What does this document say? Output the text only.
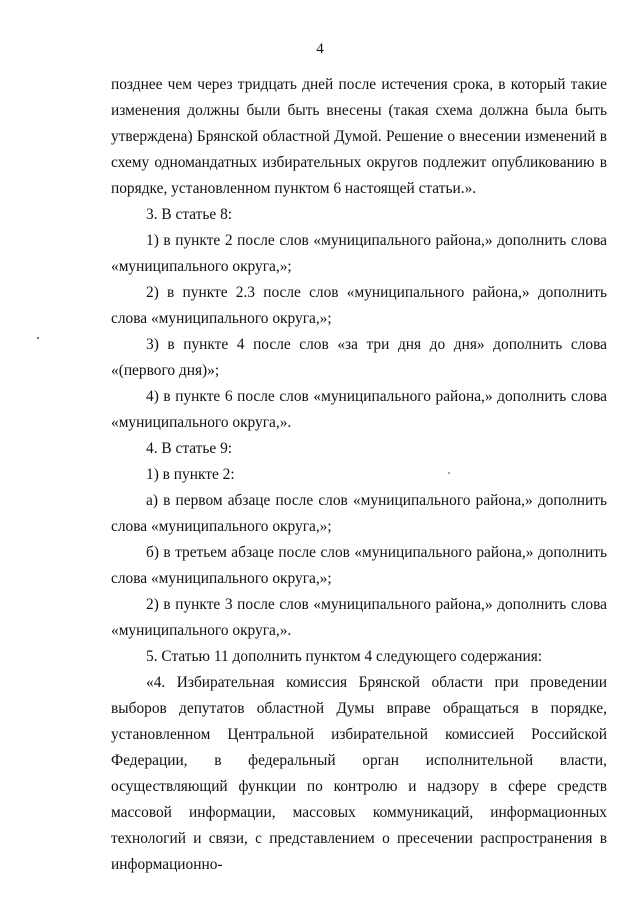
4

позднее чем через тридцать дней после истечения срока, в который такие изменения должны были быть внесены (такая схема должна была быть утверждена) Брянской областной Думой. Решение о внесении изменений в схему одномандатных избирательных округов подлежит опубликованию в порядке, установленном пунктом 6 настоящей статьи.».

3. В статье 8:

1) в пункте 2 после слов «муниципального района,» дополнить слова «муниципального округа,»;

2) в пункте 2.3 после слов «муниципального района,» дополнить слова «муниципального округа,»;

3) в пункте 4 после слов «за три дня до дня» дополнить слова «(первого дня)»;

4) в пункте 6 после слов «муниципального района,» дополнить слова «муниципального округа,».

4. В статье 9:

1) в пункте 2:

а) в первом абзаце после слов «муниципального района,» дополнить слова «муниципального округа,»;

б) в третьем абзаце после слов «муниципального района,» дополнить слова «муниципального округа,»;

2) в пункте 3 после слов «муниципального района,» дополнить слова «муниципального округа,».

5. Статью 11 дополнить пунктом 4 следующего содержания:

«4. Избирательная комиссия Брянской области при проведении выборов депутатов областной Думы вправе обращаться в порядке, установленном Центральной избирательной комиссией Российской Федерации, в федеральный орган исполнительной власти, осуществляющий функции по контролю и надзору в сфере средств массовой информации, массовых коммуникаций, информационных технологий и связи, с представлением о пресечении распространения в информационно-
